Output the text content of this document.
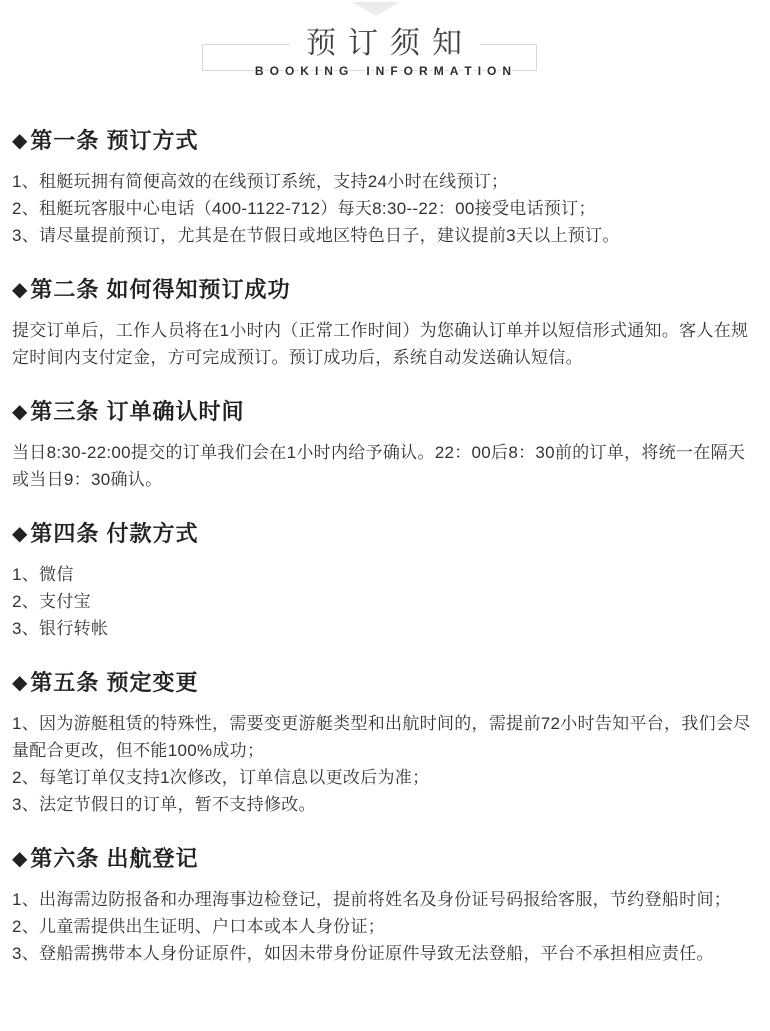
预订须知
B O O K I N G I N F O R M A T I O N
◆ 第一条 预订方式

1、租艇玩拥有简便高效的在线预订系统，支持24小时在线预订；

2、租艇玩客服中心电话（400-1122-712）每天8:30--22：00接受电话预订；

3、请尽量提前预订，尤其是在节假日或地区特色日子，建议提前3天以上预订。

◆ 第二条 如何得知预订成功

提交订单后，工作人员将在1小时内（正常工作时间）为您确认订单并以短信形式通知。客人在规定时间内支付定金，方可完成预订。预订成功后，系统自动发送确认短信。

◆ 第三条 订单确认时间

当日8:30-22:00提交的订单我们会在1小时内给予确认。22：00后8：30前的订单，将统一在隔天或当日9：30确认。

◆ 第四条 付款方式

1、微信

2、支付宝

3、银行转帐

◆ 第五条 预定变更

1、因为游艇租赁的特殊性，需要变更游艇类型和出航时间的，需提前72小时告知平台，我们会尽量配合更改，但不能100%成功；

2、每笔订单仅支持1次修改，订单信息以更改后为准；

3、法定节假日的订单，暂不支持修改。

◆ 第六条 出航登记

1、出海需边防报备和办理海事边检登记，提前将姓名及身份证号码报给客服，节约登船时间；

2、儿童需提供出生证明、户口本或本人身份证；

3、登船需携带本人身份证原件，如因未带身份证原件导致无法登船，平台不承担相应责任。
